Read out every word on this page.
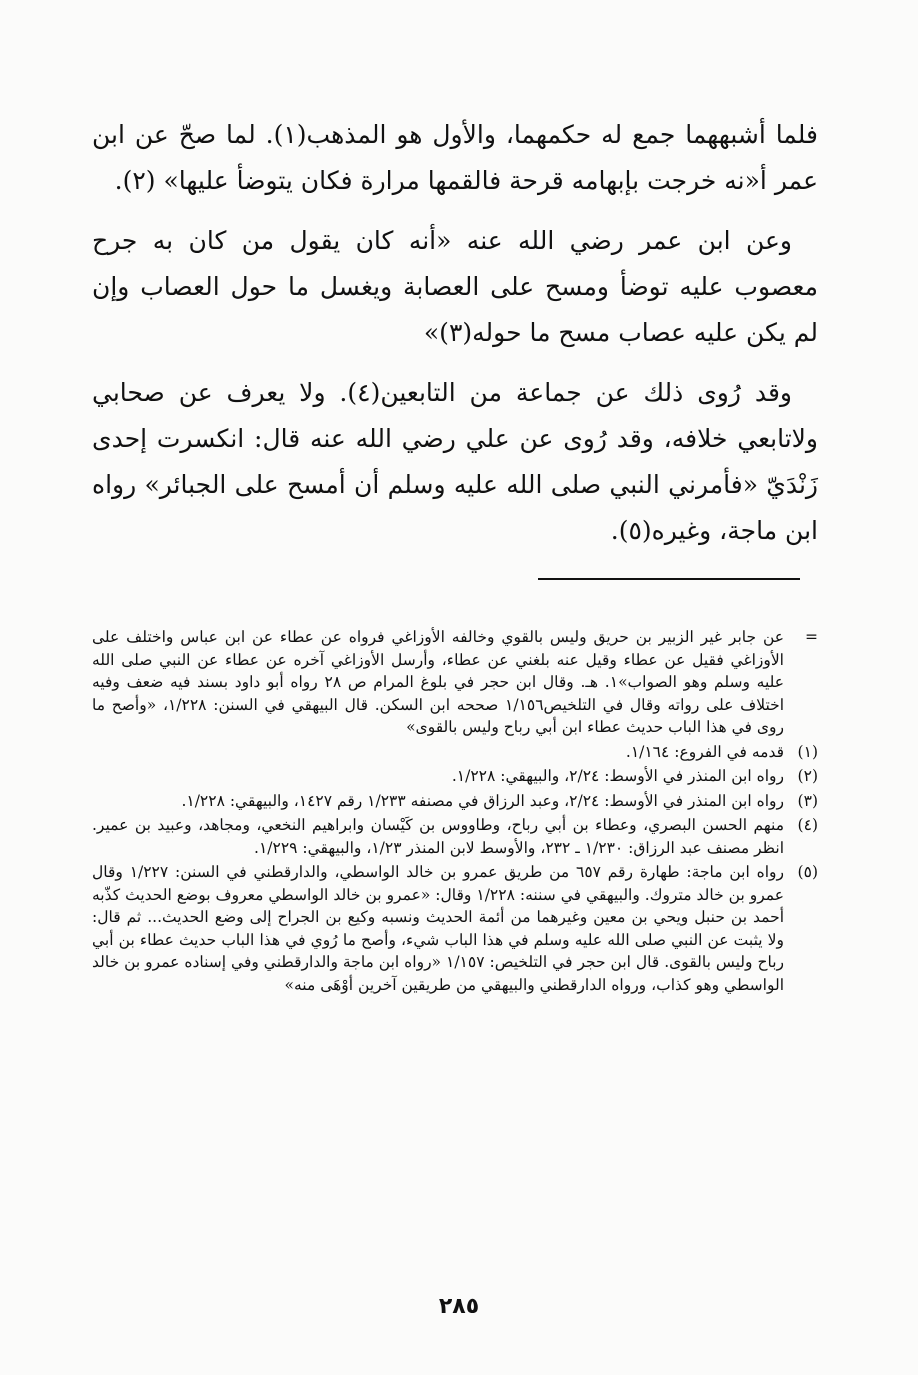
فلما أشبههما جمع له حكمهما، والأول هو المذهب(١). لما صحّ عن ابن عمر أ«نه خرجت بإبهامه قرحة فالقمها مرارة فكان يتوضأ عليها» (٢).

وعن ابن عمر رضي الله عنه «أنه كان يقول من كان به جرح معصوب عليه توضأ ومسح على العصابة ويغسل ما حول العصاب وإن لم يكن عليه عصاب مسح ما حوله(٣)»

وقد رُوى ذلك عن جماعة من التابعين(٤). ولا يعرف عن صحابي ولاتابعي خلافه، وقد رُوى عن علي رضي الله عنه قال: انكسرت إحدى زَنْدَيّ «فأمرني النبي صلى الله عليه وسلم أن أمسح على الجبائر» رواه ابن ماجة، وغيره(٥).

=
عن جابر غير الزبير بن حريق وليس بالقوي وخالفه الأوزاغي فرواه عن عطاء عن ابن عباس واختلف على الأوزاغي فقيل عن عطاء وقيل عنه بلغني عن عطاء، وأرسل الأوزاغي آخره عن عطاء عن النبي صلى الله عليه وسلم وهو الصواب»١. هـ. وقال ابن حجر في بلوغ المرام ص ٢٨ رواه أبو داود بسند فيه ضعف وفيه اختلاف على رواته وقال في التلخيص١/١٥٦ صححه ابن السكن. قال البيهقي في السنن: ١/٢٢٨، «وأصح ما روى في هذا الباب حديث عطاء ابن أبي رباح وليس بالقوى»
(١)
قدمه في الفروع: ١/١٦٤.
(٢)
رواه ابن المنذر في الأوسط: ٢/٢٤، والبيهقي: ١/٢٢٨.
(٣)
رواه ابن المنذر في الأوسط: ٢/٢٤، وعبد الرزاق في مصنفه ١/٢٣٣ رقم ١٤٢٧، والبيهقي: ١/٢٢٨.
(٤)
منهم الحسن البصري، وعطاء بن أبي رباح، وطاووس بن كَيْسان وابراهيم النخعي، ومجاهد، وعبيد بن عمير. انظر مصنف عبد الرزاق: ١/٢٣٠ ـ ٢٣٢، والأوسط لابن المنذر ١/٢٣، والبيهقي: ١/٢٢٩.
(٥)
رواه ابن ماجة: طهارة رقم ٦٥٧ من طريق عمرو بن خالد الواسطي، والدارقطني في السنن: ١/٢٢٧ وقال عمرو بن خالد متروك. والبيهقي في سننه: ١/٢٢٨ وقال: «عمرو بن خالد الواسطي معروف بوضع الحديث كذّبه أحمد بن حنبل ويحي بن معين وغيرهما من أئمة الحديث ونسبه وكيع بن الجراح إلى وضع الحديث... ثم قال: ولا يثبت عن النبي صلى الله عليه وسلم في هذا الباب شيء، وأصح ما رُوي في هذا الباب حديث عطاء بن أبي رباح وليس بالقوى. قال ابن حجر في التلخيص: ١/١٥٧ «رواه ابن ماجة والدارقطني وفي إسناده عمرو بن خالد الواسطي وهو كذاب، ورواه الدارقطني والبيهقي من طريقين آخرين أوْهَى منه»
٢٨٥
